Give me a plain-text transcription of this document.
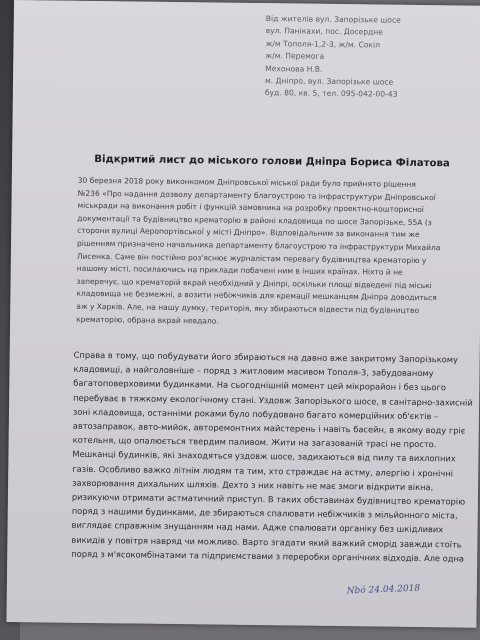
Від жителів вул. Запорізьке шосе
вул. Панікахи, пос. Досердне
ж/м Тополя-1,2-3, ж/м. Сокіл
ж/м. Перемога
Мехонова Н.В.
м. Дніпро, вул. Запорізьке шосе
буд. 80, кв. 5, тел. 095-042-00-43
Відкритий лист до міського голови Дніпра Бориса Філатова
30 березня 2018 року виконкомом Дніпровської міської ради було прийнято рішення
№236 «Про надання дозволу департаменту благоустрою та інфраструктури Дніпровської
міськради на виконання робіт і функцій замовника на розробку проектно-кошторисної
документації та будівництво крематорію в районі кладовища по шосе Запорізьке, 55А (з
сторони вулиці Аеропортівської у місті Дніпро». Відповідальним за виконання тим же
рішенням призначено начальника департаменту благоустрою та інфраструктури Михайла
Лисенка. Саме він постійно роз'яснює журналістам перевагу будівництва крематорію у
нашому місті, посилаючись на приклади побачені ним в інших країнах. Ніхто й не
заперечує, що крематорій вкрай необхідний у Дніпрі, оскільки площі відведені під міські
кладовища не безмежні, а возити небіжчиків для кремації мешканцям Дніпра доводиться
аж у Харків. Але, на нашу думку, територія, яку збираються відвести під будівництво
крематорію, обрана вкрай невдало.
Справа в тому, що побудувати його збираються на давно вже закритому Запорізькому
кладовищі, а найголовніше – поряд з житловим масивом Тополя-3, забудованому
багатоповерховими будинками. На сьогоднішній момент цей мікрорайон і без цього
перебуває в тяжкому екологічному стані. Уздовж Запорізького шосе, в санітарно-захисній
зоні кладовища, останніми роками було побудовано багато комерційних об'єктів –
автозаправок, авто-мийок, авторемонтних майстерень і навіть басейн, в якому воду гріє
котельня, що опалюється твердим паливом. Жити на загазованій трасі не просто.
Мешканці будинків, які знаходяться уздовж шосе, задихаються від пилу та вихлопних
газів. Особливо важко літнім людям та тим, хто страждає на астму, алергію і хронічні
захворювання дихальних шляхів. Дехто з них навіть не має змоги відкрити вікна,
ризикуючи отримати астматичний приступ. В таких обставинах будівництво крематорію
поряд з нашими будинками, де збираються спалювати небіжчиків з мільйонного міста,
виглядає справжнім знущанням над нами. Адже спалювати органіку без шкідливих
викидів у повітря навряд чи можливо. Варто згадати який важкий сморід завжди стоїть
поряд з м'ясокомбінатами та підприємствами з переробки органічних відходів. Але одна
Nbó 24.04.2018
